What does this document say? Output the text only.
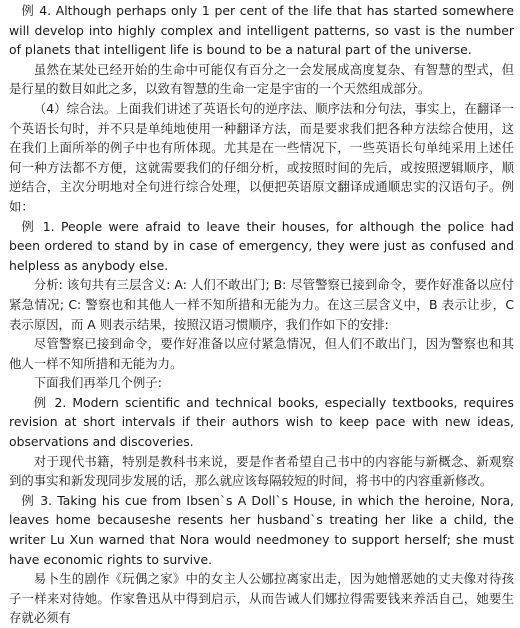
例 4. Although perhaps only 1 per cent of the life that has started somewhere will develop into highly complex and intelligent patterns, so vast is the number of planets that intelligent life is bound to be a natural part of the universe.

虽然在某处已经开始的生命中可能仅有百分之一会发展成高度复杂、有智慧的型式，但是行星的数目如此之多，以致有智慧的生命一定是宇宙的一个天然组成部分。

（4）综合法。上面我们讲述了英语长句的逆序法、顺序法和分句法，事实上，在翻译一个英语长句时，并不只是单纯地使用一种翻译方法，而是要求我们把各种方法综合使用，这在我们上面所举的例子中也有所体现。尤其是在一些情况下，一些英语长句单纯采用上述任何一种方法都不方便，这就需要我们的仔细分析，或按照时间的先后，或按照逻辑顺序，顺逆结合，主次分明地对全句进行综合处理，以便把英语原文翻译成通顺忠实的汉语句子。例如：

例 1. People were afraid to leave their houses, for although the police had been ordered to stand by in case of emergency, they were just as confused and helpless as anybody else.

分析: 该句共有三层含义: A: 人们不敢出门; B: 尽管警察已接到命令，要作好准备以应付紧急情况; C: 警察也和其他人一样不知所措和无能为力。在这三层含义中，B 表示让步，C 表示原因，而 A 则表示结果，按照汉语习惯顺序，我们作如下的安排:

尽管警察已接到命令，要作好准备以应付紧急情况，但人们不敢出门，因为警察也和其他人一样不知所措和无能为力。

下面我们再举几个例子:

例 2. Modern scientific and technical books, especially textbooks, requires revision at short intervals if their authors wish to keep pace with new ideas, observations and discoveries.

对于现代书籍，特别是教科书来说，要是作者希望自己书中的内容能与新概念、新观察到的事实和新发现同步发展的话，那么就应该每隔较短的时间，将书中的内容重新修改。

例 3. Taking his cue from Ibsen`s A Doll`s House, in which the heroine, Nora, leaves home becauseshe resents her husband`s treating her like a child, the writer Lu Xun warned that Nora would needmoney to support herself; she must have economic rights to survive.

易卜生的剧作《玩偶之家》中的女主人公娜拉离家出走，因为她憎恶她的丈夫像对待孩子一样来对待她。作家鲁迅从中得到启示，从而告诫人们娜拉得需要钱来养活自己，她要生存就必须有
